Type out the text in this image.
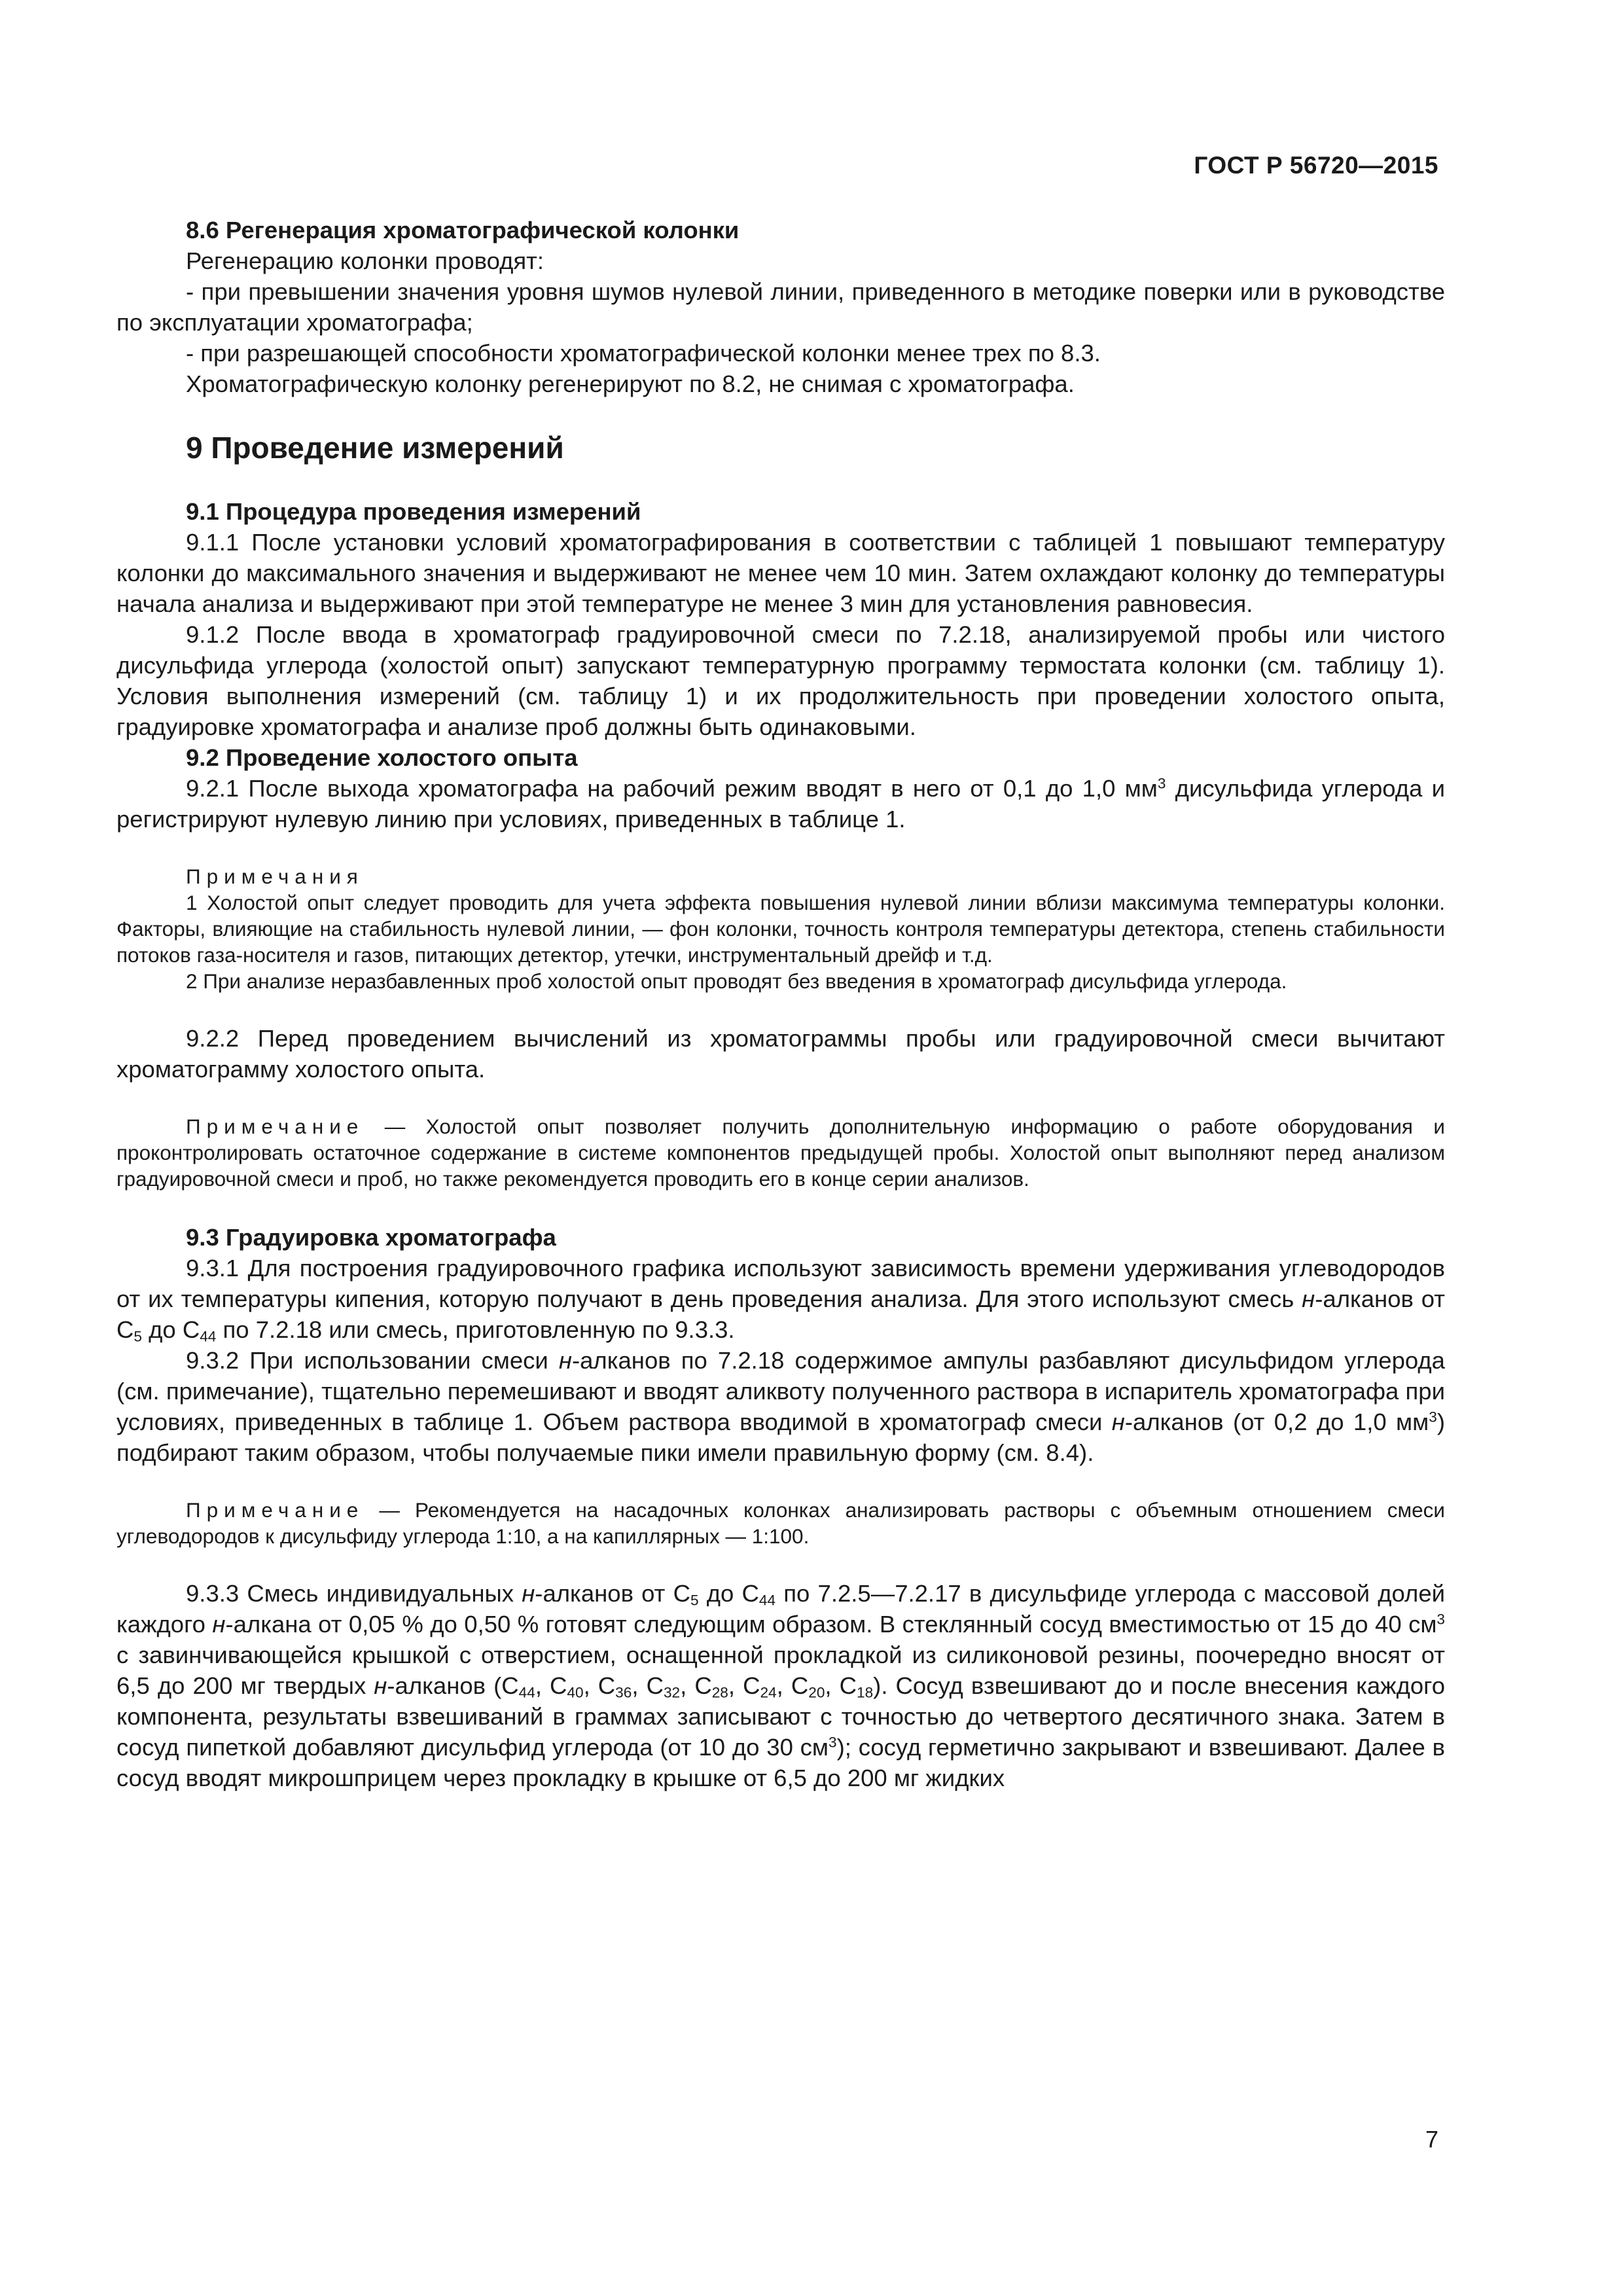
ГОСТ Р 56720—2015

8.6 Регенерация хроматографической колонки

Регенерацию колонки проводят:

- при превышении значения уровня шумов нулевой линии, приведенного в методике поверки или в руководстве по эксплуатации хроматографа;

- при разрешающей способности хроматографической колонки менее трех по 8.3.

Хроматографическую колонку регенерируют по 8.2, не снимая с хроматографа.

9 Проведение измерений

9.1 Процедура проведения измерений

9.1.1 После установки условий хроматографирования в соответствии с таблицей 1 повышают температуру колонки до максимального значения и выдерживают не менее чем 10 мин. Затем охлаждают колонку до температуры начала анализа и выдерживают при этой температуре не менее 3 мин для установления равновесия.

9.1.2 После ввода в хроматограф градуировочной смеси по 7.2.18, анализируемой пробы или чистого дисульфида углерода (холостой опыт) запускают температурную программу термостата колонки (см. таблицу 1). Условия выполнения измерений (см. таблицу 1) и их продолжительность при проведении холостого опыта, градуировке хроматографа и анализе проб должны быть одинаковыми.

9.2 Проведение холостого опыта

9.2.1 После выхода хроматографа на рабочий режим вводят в него от 0,1 до 1,0 $мм^3$ дисульфида углерода и регистрируют нулевую линию при условиях, приведенных в таблице 1.

Примечания

1 Холостой опыт следует проводить для учета эффекта повышения нулевой линии вблизи максимума температуры колонки. Факторы, влияющие на стабильность нулевой линии, — фон колонки, точность контроля температуры детектора, степень стабильности потоков газа-носителя и газов, питающих детектор, утечки, инструментальный дрейф и т.д.

2 При анализе неразбавленных проб холостой опыт проводят без введения в хроматограф дисульфида углерода.

9.2.2 Перед проведением вычислений из хроматограммы пробы или градуировочной смеси вычитают хроматограмму холостого опыта.

Примечание — Холостой опыт позволяет получить дополнительную информацию о работе оборудования и проконтролировать остаточное содержание в системе компонентов предыдущей пробы. Холостой опыт выполняют перед анализом градуировочной смеси и проб, но также рекомендуется проводить его в конце серии анализов.

9.3 Градуировка хроматографа

9.3.1 Для построения градуировочного графика используют зависимость времени удерживания углеводородов от их температуры кипения, которую получают в день проведения анализа. Для этого используют смесь н-алканов от $C_5$ до $C_{44}$ по 7.2.18 или смесь, приготовленную по 9.3.3.

9.3.2 При использовании смеси н-алканов по 7.2.18 содержимое ампулы разбавляют дисульфидом углерода (см. примечание), тщательно перемешивают и вводят аликвоту полученного раствора в испаритель хроматографа при условиях, приведенных в таблице 1. Объем раствора вводимой в хроматограф смеси н-алканов (от 0,2 до 1,0 $мм^3$) подбирают таким образом, чтобы получаемые пики имели правильную форму (см. 8.4).

Примечание — Рекомендуется на насадочных колонках анализировать растворы с объемным отношением смеси углеводородов к дисульфиду углерода 1:10, а на капиллярных — 1:100.

9.3.3 Смесь индивидуальных н-алканов от $C_5$ до $C_{44}$ по 7.2.5—7.2.17 в дисульфиде углерода с массовой долей каждого н-алкана от 0,05 % до 0,50 % готовят следующим образом. В стеклянный сосуд вместимостью от 15 до 40 $см^3$ с завинчивающейся крышкой с отверстием, оснащенной прокладкой из силиконовой резины, поочередно вносят от 6,5 до 200 мг твердых н-алканов ($C_{44}$, $C_{40}$, $C_{36}$, $C_{32}$, $C_{28}$, $C_{24}$, $C_{20}$, $C_{18}$). Сосуд взвешивают до и после внесения каждого компонента, результаты взвешиваний в граммах записывают с точностью до четвертого десятичного знака. Затем в сосуд пипеткой добавляют дисульфид углерода (от 10 до 30 $см^3$); сосуд герметично закрывают и взвешивают. Далее в сосуд вводят микрошприцем через прокладку в крышке от 6,5 до 200 мг жидких

7
